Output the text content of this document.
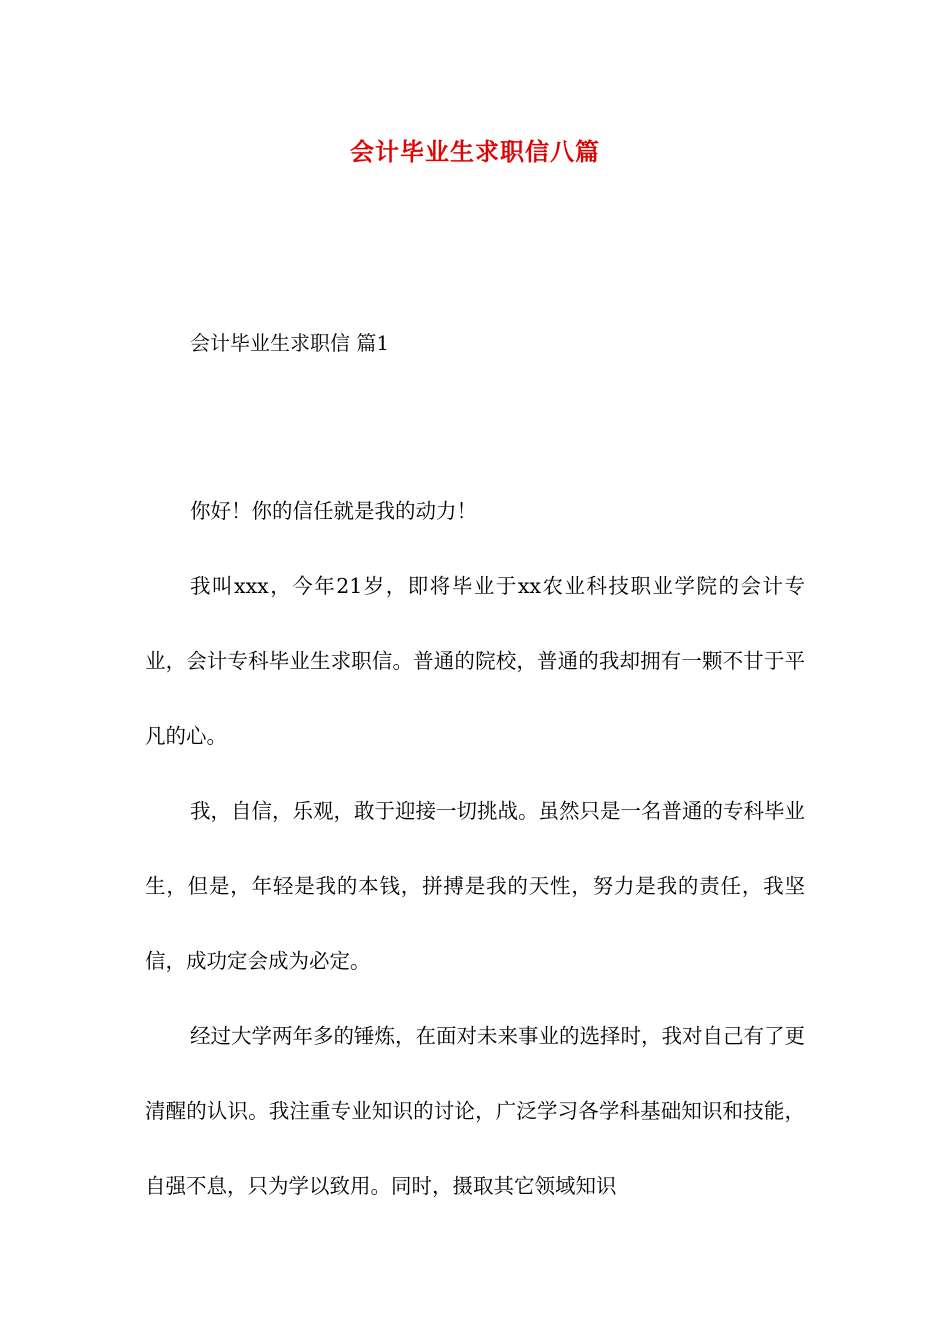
会计毕业生求职信八篇
会计毕业生求职信 篇1

你好！你的信任就是我的动力！

我叫xxx，今年21岁，即将毕业于xx农业科技职业学院的会计专业，会计专科毕业生求职信。普通的院校，普通的我却拥有一颗不甘于平凡的心。

我，自信，乐观，敢于迎接一切挑战。虽然只是一名普通的专科毕业生，但是，年轻是我的本钱，拼搏是我的天性，努力是我的责任，我坚信，成功定会成为必定。

经过大学两年多的锤炼，在面对未来事业的选择时，我对自己有了更清醒的认识。我注重专业知识的讨论，广泛学习各学科基础知识和技能，自强不息，只为学以致用。同时，摄取其它领域知识
